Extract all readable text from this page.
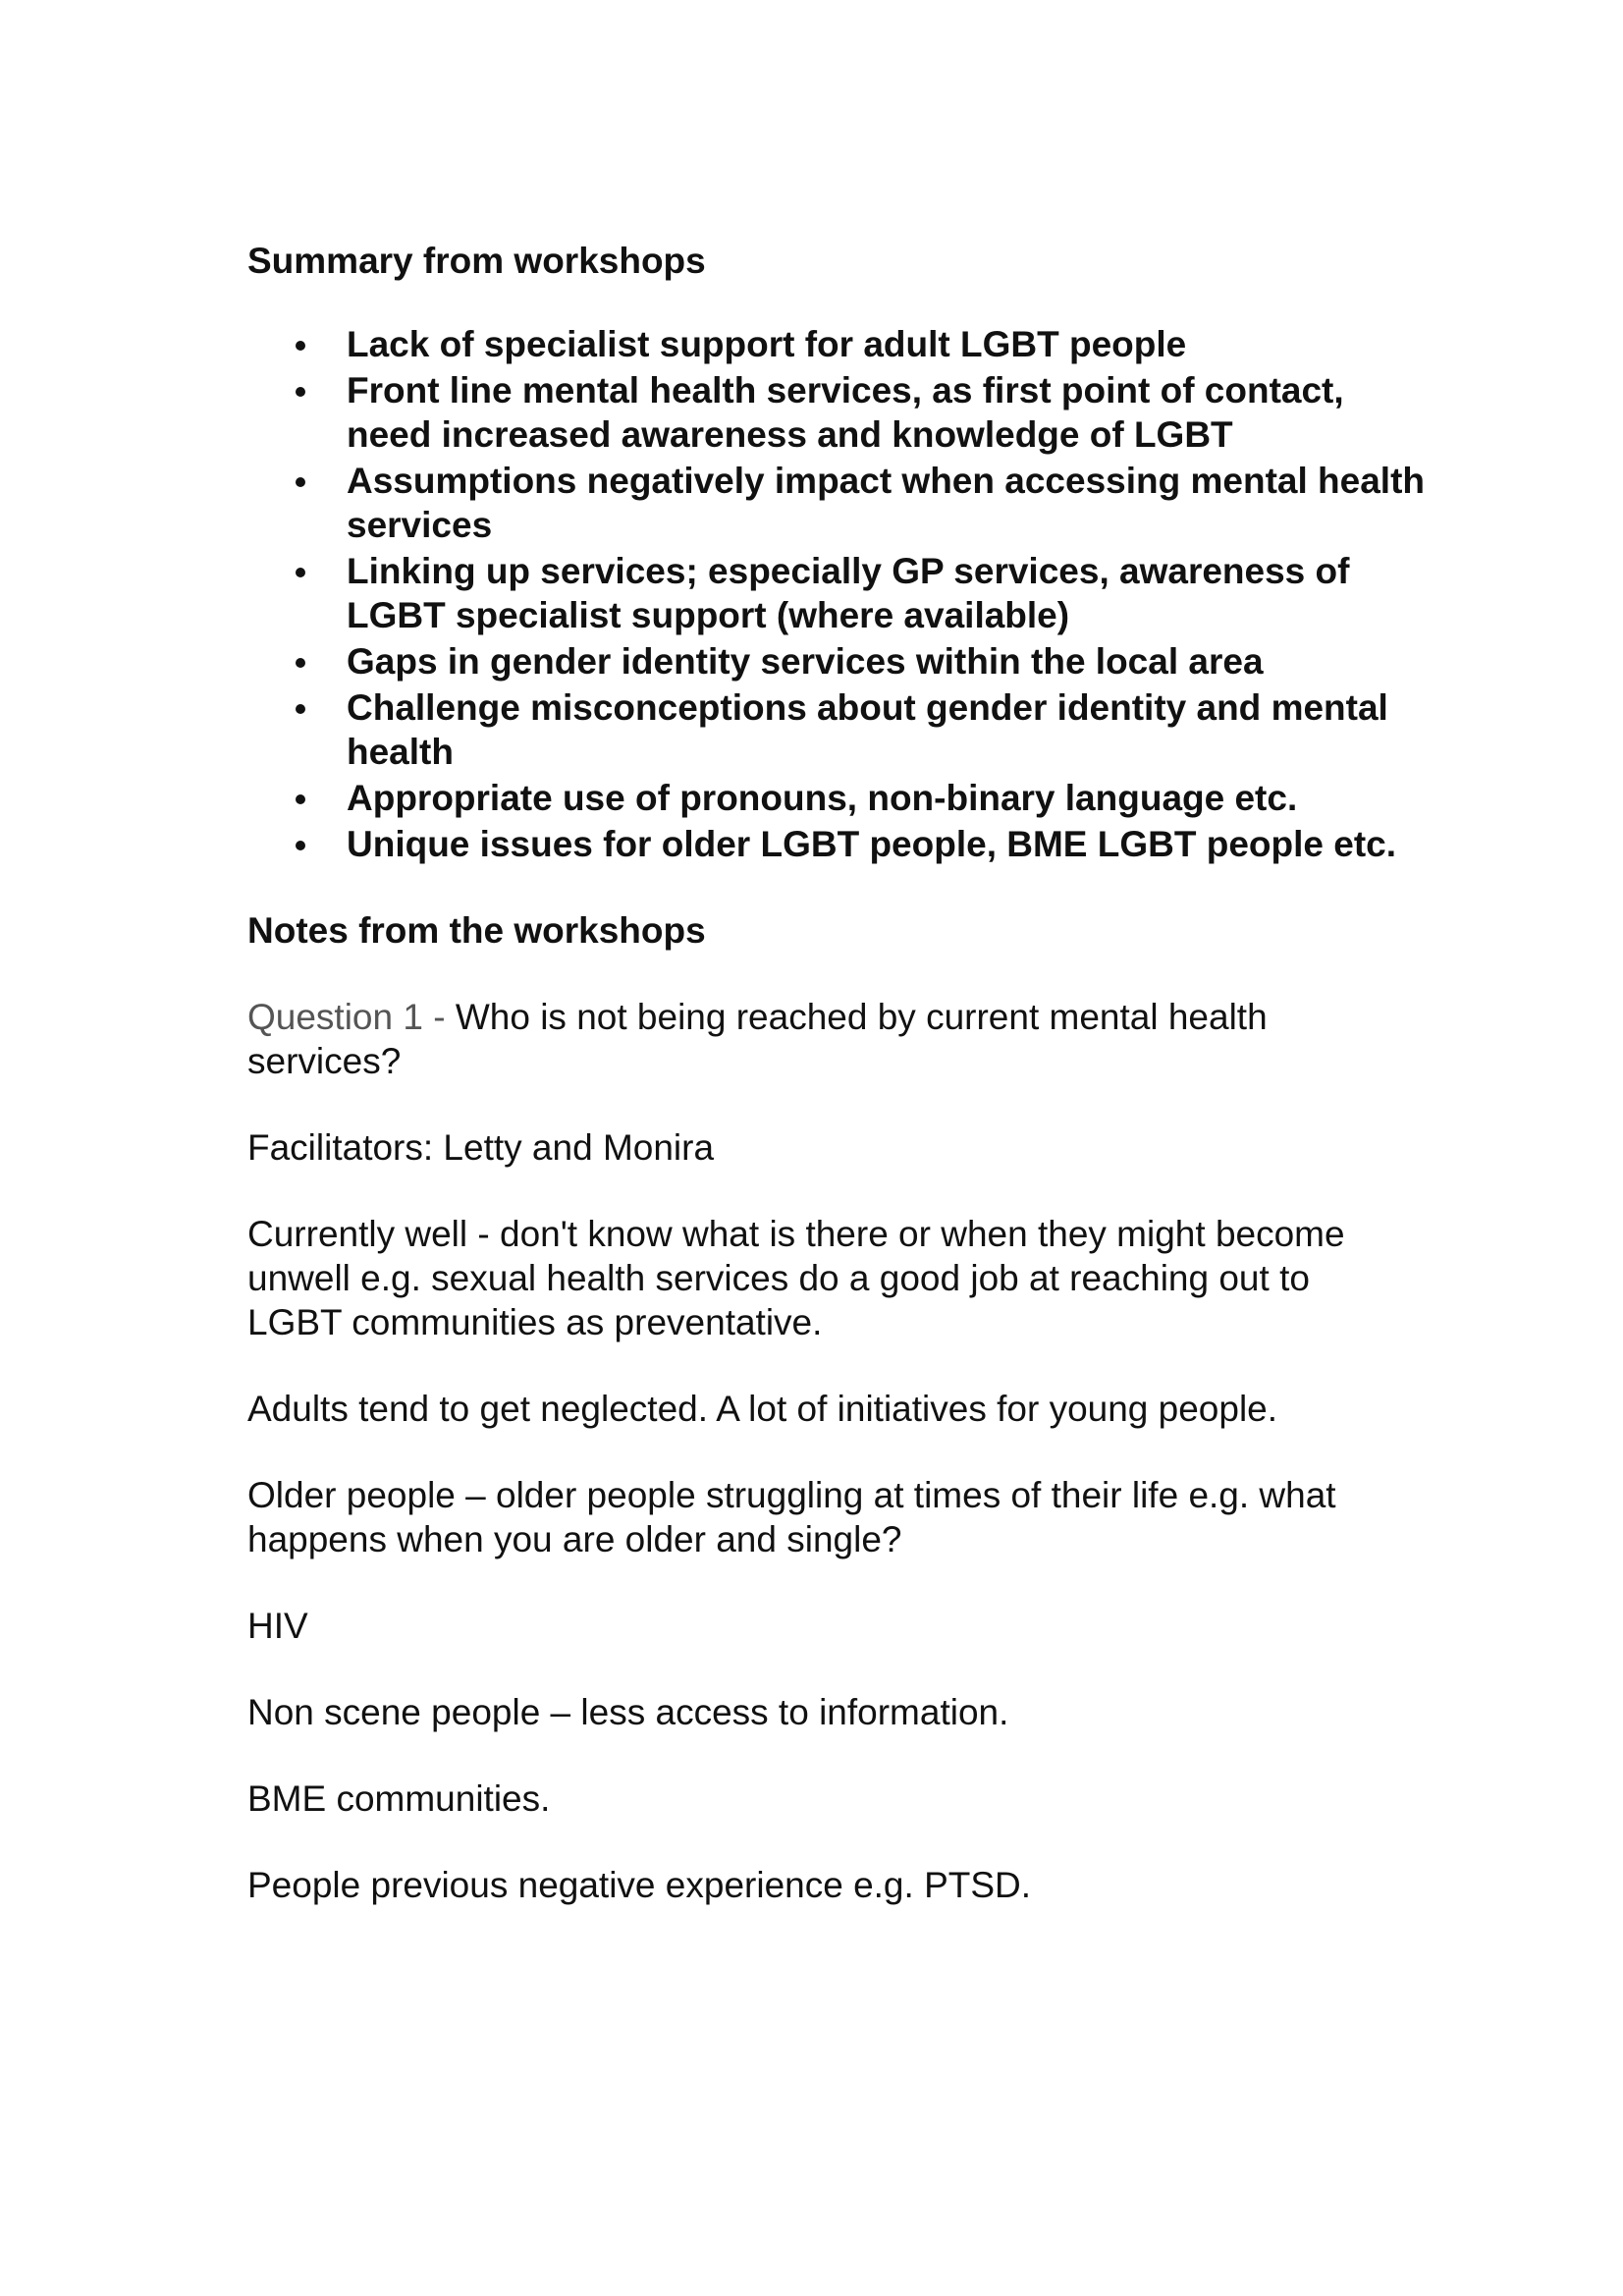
Summary from workshops
Lack of specialist support for adult LGBT people
Front line mental health services, as first point of contact, need increased awareness and knowledge of LGBT
Assumptions negatively impact when accessing mental health services
Linking up services; especially GP services, awareness of LGBT specialist support (where available)
Gaps in gender identity services within the local area
Challenge misconceptions about gender identity and mental health
Appropriate use of pronouns, non-binary language etc.
Unique issues for older LGBT people, BME LGBT people etc.
Notes from the workshops

Question 1 - Who is not being reached by current mental health services?

Facilitators: Letty and Monira

Currently well - don't know what is there or when they might become unwell e.g. sexual health services do a good job at reaching out to LGBT communities as preventative.

Adults tend to get neglected. A lot of initiatives for young people.

Older people – older people struggling at times of their life e.g. what happens when you are older and single?

HIV

Non scene people – less access to information.

BME communities.

People previous negative experience e.g. PTSD.
